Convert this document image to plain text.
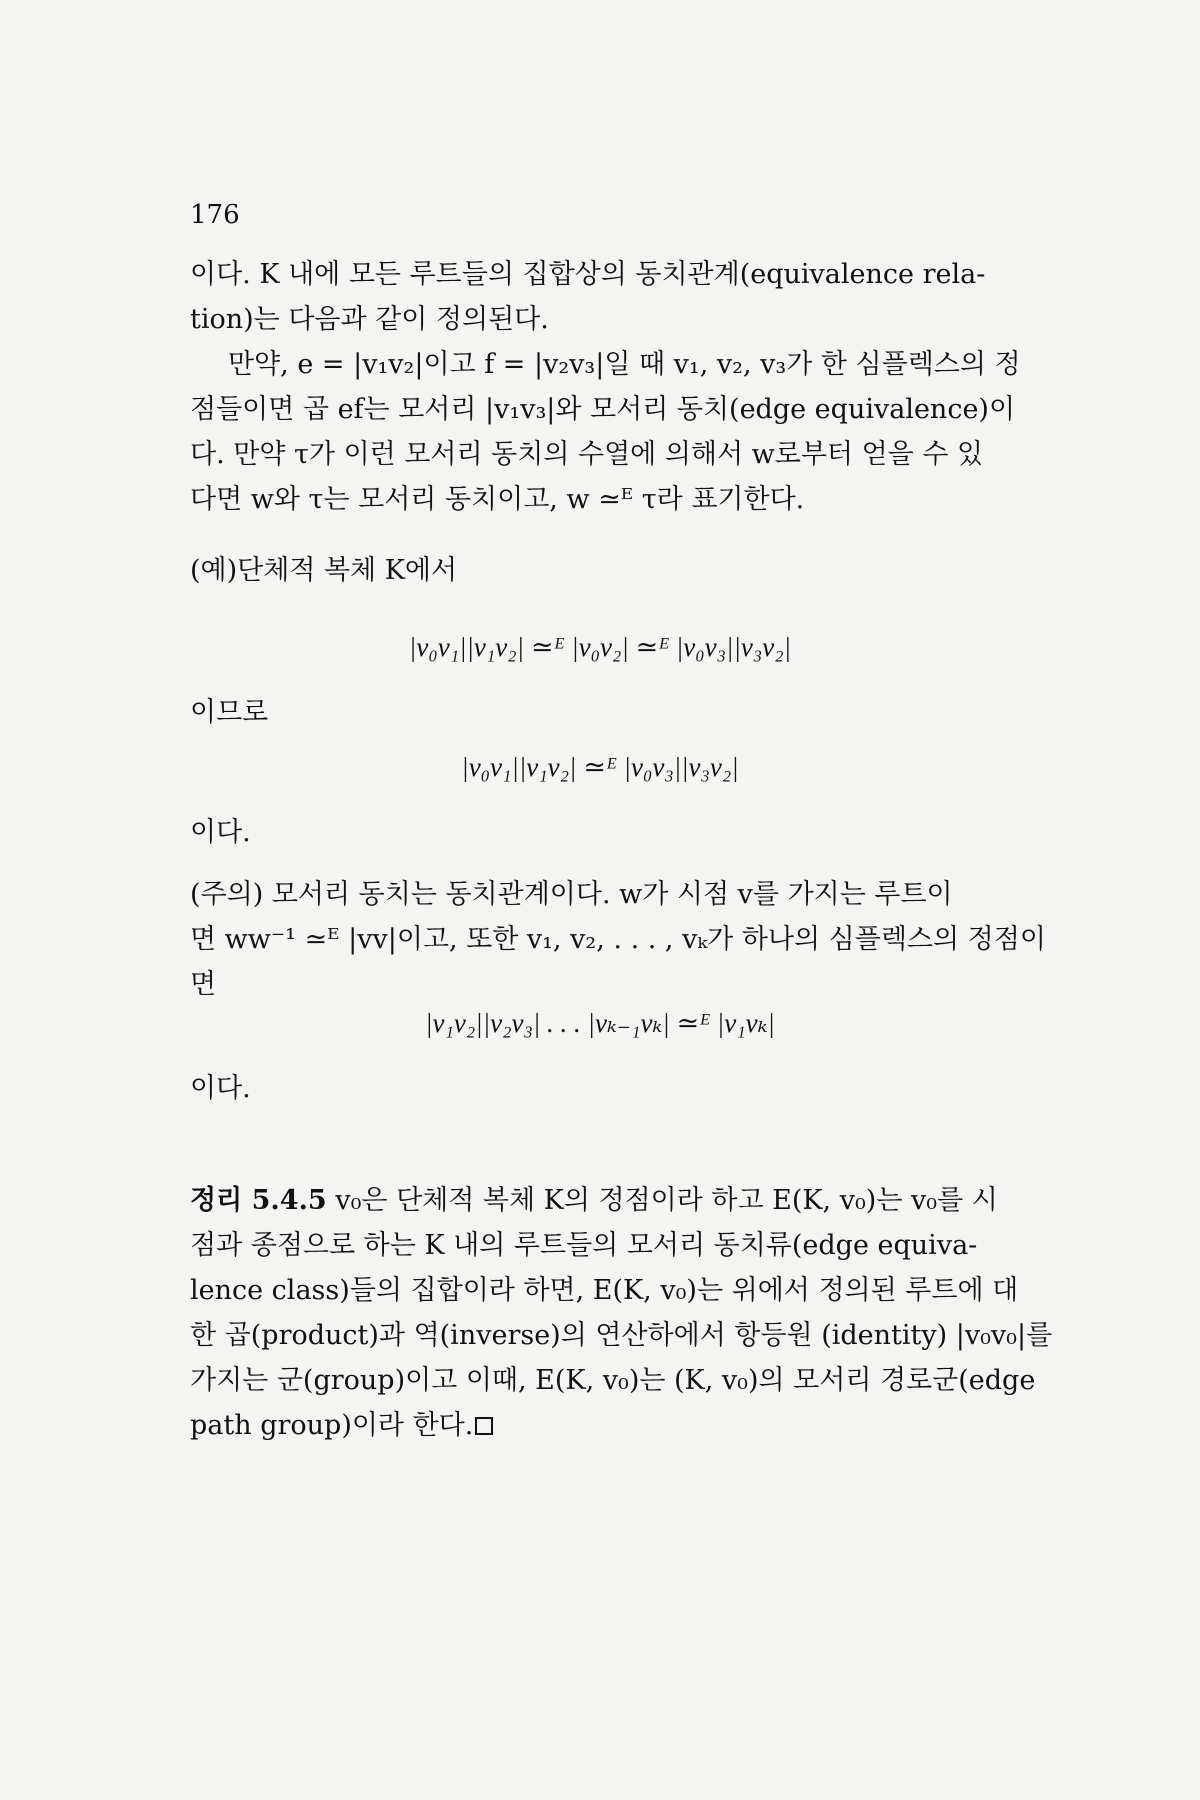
176

이다. K 내에 모든 루트들의 집합상의 동치관계(equivalence rela-

tion)는 다음과 같이 정의된다.

만약, e = |v₁v₂|이고 f = |v₂v₃|일 때 v₁, v₂, v₃가 한 심플렉스의 정

점들이면 곱 ef는 모서리 |v₁v₃|와 모서리 동치(edge equivalence)이

다. 만약 τ가 이런 모서리 동치의 수열에 의해서 w로부터 얻을 수 있

다면 w와 τ는 모서리 동치이고, w ≃ᴱ τ라 표기한다.

(예)단체적 복체 K에서
|v₀v₁||v₁v₂| ≃ᴱ |v₀v₂| ≃ᴱ |v₀v₃||v₃v₂|
이므로
|v₀v₁||v₁v₂| ≃ᴱ |v₀v₃||v₃v₂|
이다.

(주의) 모서리 동치는 동치관계이다. w가 시점 v를 가지는 루트이

면 ww⁻¹ ≃ᴱ |vv|이고, 또한 v₁, v₂, . . . , vₖ가 하나의 심플렉스의 정점이

면

|v₁v₂||v₂v₃| . . . |vₖ₋₁vₖ| ≃ᴱ |v₁vₖ|
이다.

정리 5.4.5 v₀은 단체적 복체 K의 정점이라 하고 E(K, v₀)는 v₀를 시

점과 종점으로 하는 K 내의 루트들의 모서리 동치류(edge equiva-

lence class)들의 집합이라 하면, E(K, v₀)는 위에서 정의된 루트에 대

한 곱(product)과 역(inverse)의 연산하에서 항등원 (identity) |v₀v₀|를

가지는 군(group)이고 이때, E(K, v₀)는 (K, v₀)의 모서리 경로군(edge

path group)이라 한다.
